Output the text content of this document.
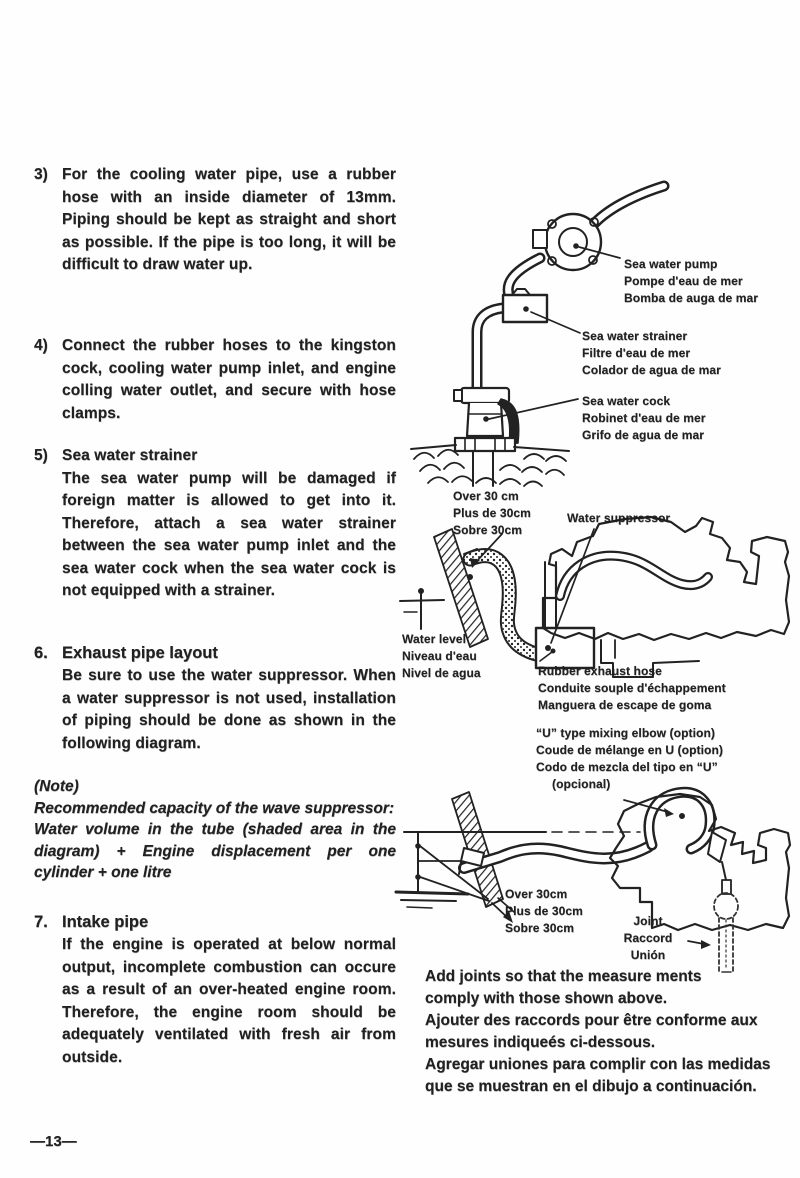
3) For the cooling water pipe, use a rubber hose with an inside diameter of 13mm. Piping should be kept as straight and short as possible. If the pipe is too long, it will be difficult to draw water up.

4) Connect the rubber hoses to the kingston cock, cooling water pump inlet, and engine colling water outlet, and secure with hose clamps.

5) Sea water strainer

The sea water pump will be damaged if foreign matter is allowed to get into it. Therefore, attach a sea water strainer between the sea water pump inlet and the sea water cock when the sea water cock is not equipped with a strainer.

6. Exhaust pipe layout

Be sure to use the water suppressor. When a water suppressor is not used, installation of piping should be done as shown in the following diagram.

(Note)

Recommended capacity of the wave suppressor:

Water volume in the tube (shaded area in the diagram) + Engine displacement per one cylinder + one litre

7. Intake pipe

If the engine is operated at below normal output, incomplete combustion can occure as a result of an over-heated engine room. Therefore, the engine room should be adequately ventilated with fresh air from outside.

Sea water pump
Pompe d'eau de mer
Bomba de auga de mar
Sea water strainer
Filtre d'eau de mer
Colador de agua de mar
Sea water cock
Robinet d'eau de mer
Grifo de agua de mar
Over 30 cm
Plus de 30cm
Sobre 30cm
Water suppressor
Water level
Niveau d'eau
Nivel de agua	Rubber exhaust hose
Conduite souple d'échappement
Manguera de escape de goma
“U” type mixing elbow (option)
Coude de mélange en U (option)
Codo de mezcla del tipo en “U”
(opcional)
Over 30cm
Plus de 30cm
Sobre 30cm	Joint
Raccord
Unión

Add joints so that the measure ments comply with those shown above.

Ajouter des raccords pour être conforme aux mesures indiqueés ci-dessous.

Agregar uniones para complir con las medidas que se muestran en el dibujo a continuación.

—13—
